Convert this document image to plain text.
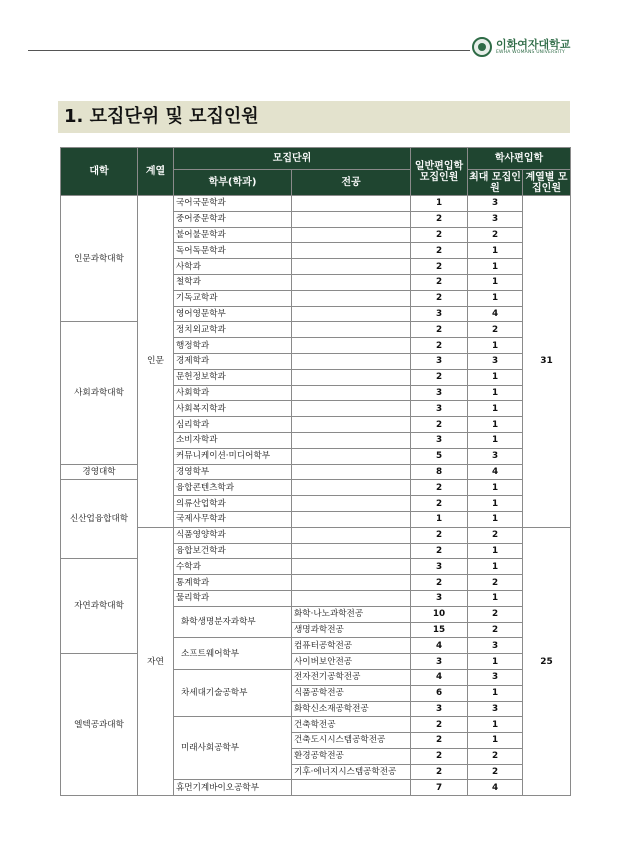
이화여자대학교
EWHA WOMANS UNIVERSITY
1. 모집단위 및 모집인원
대학	계열	모집단위		일반편입학 모집인원	학사편입학	
		학부(학과)	전공		최대 모집인원	계열별 모집인원
인문과학대학	인문	국어국문학과		1	3	31
		중어중문학과		2	3	
		불어불문학과		2	2	
		독어독문학과		2	1	
		사학과		2	1	
		철학과		2	1	
		기독교학과		2	1	
		영어영문학부		3	4	
사회과학대학		정치외교학과		2	2	
		행정학과		2	1	
		경제학과		3	3	
		문헌정보학과		2	1	
		사회학과		3	1	
		사회복지학과		3	1	
		심리학과		2	1	
		소비자학과		3	1	
		커뮤니케이션·미디어학부		5	3	
경영대학		경영학부		8	4	
신산업융합대학		융합콘텐츠학과		2	1	
		의류산업학과		2	1	
		국제사무학과		1	1	
	자연	식품영양학과		2	2	25
		융합보건학과		2	1	
자연과학대학		수학과		3	1	
		통계학과		2	2	
		물리학과		3	1	
		화학생명분자과학부	화학·나노과학전공	10	2	
			생명과학전공	15	2	
		소프트웨어학부	컴퓨터공학전공	4	3	
엘텍공과대학			사이버보안전공	3	1	
		차세대기술공학부	전자전기공학전공	4	3	
			식품공학전공	6	1	
			화학신소재공학전공	3	3	
		미래사회공학부	건축학전공	2	1	
			건축도시시스템공학전공	2	1	
			환경공학전공	2	2	
			기후·에너지시스템공학전공	2	2	
		휴먼기계바이오공학부		7	4	
